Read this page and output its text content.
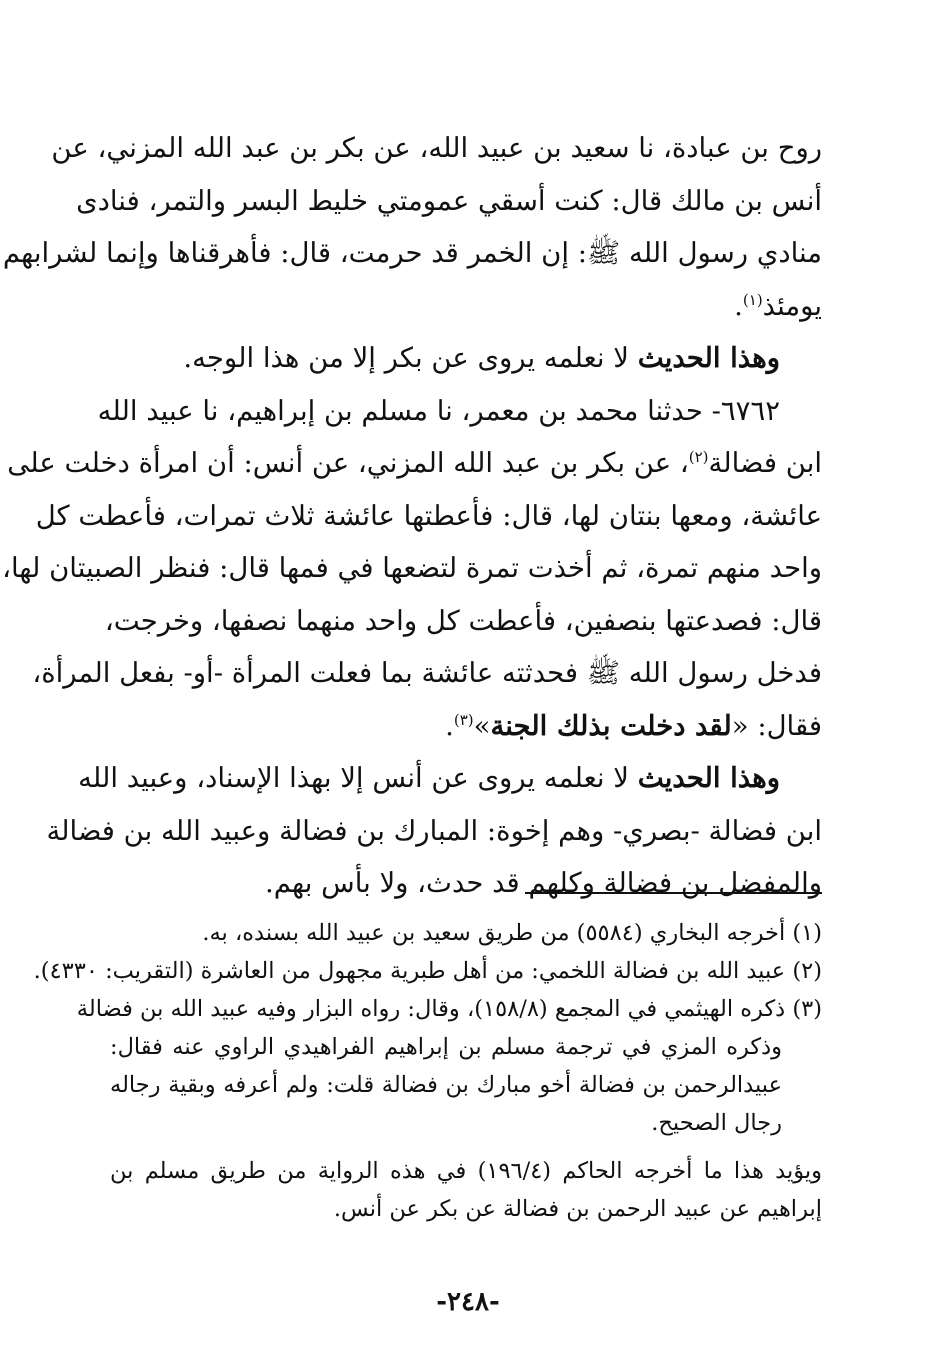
روح بن عبادة، نا سعيد بن عبيد الله، عن بكر بن عبد الله المزني، عن
أنس بن مالك قال: كنت أسقي عمومتي خليط البسر والتمر، فنادى
منادي رسول الله ﷺ: إن الخمر قد حرمت، قال: فأهرقناها وإنما لشرابهم
يومئذ$^{(١)}$.
وهذا الحديث لا نعلمه يروى عن بكر إلا من هذا الوجه.
٦٧٦٢- حدثنا محمد بن معمر، نا مسلم بن إبراهيم، نا عبيد الله
ابن فضالة$^{(٢)}$، عن بكر بن عبد الله المزني، عن أنس: أن امرأة دخلت على
عائشة، ومعها بنتان لها، قال: فأعطتها عائشة ثلاث تمرات، فأعطت كل
واحد منهم تمرة، ثم أخذت تمرة لتضعها في فمها قال: فنظر الصبيتان لها،
قال: فصدعتها بنصفين، فأعطت كل واحد منهما نصفها، وخرجت،
فدخل رسول الله ﷺ فحدثته عائشة بما فعلت المرأة -أو- بفعل المرأة،
فقال: «لقد دخلت بذلك الجنة»$^{(٣)}$.
وهذا الحديث لا نعلمه يروى عن أنس إلا بهذا الإسناد، وعبيد الله
ابن فضالة -بصري- وهم إخوة: المبارك بن فضالة وعبيد الله بن فضالة
والمفضل بن فضالة وكلهم قد حدث، ولا بأس بهم.
(١) أخرجه البخاري (٥٥٨٤) من طريق سعيد بن عبيد الله بسنده، به.
(٢) عبيد الله بن فضالة اللخمي: من أهل طبرية مجهول من العاشرة (التقريب: ٤٣٣٠).
(٣) ذكره الهيثمي في المجمع (١٥٨/٨)، وقال: رواه البزار وفيه عبيد الله بن فضالة
وذكره المزي في ترجمة مسلم بن إبراهيم الفراهيدي الراوي عنه فقال:
عبيدالرحمن بن فضالة أخو مبارك بن فضالة قلت: ولم أعرفه وبقية رجاله
رجال الصحيح.
ويؤيد هذا ما أخرجه الحاكم (١٩٦/٤) في هذه الرواية من طريق مسلم بن
إبراهيم عن عبيد الرحمن بن فضالة عن بكر عن أنس.
-٢٤٨-
